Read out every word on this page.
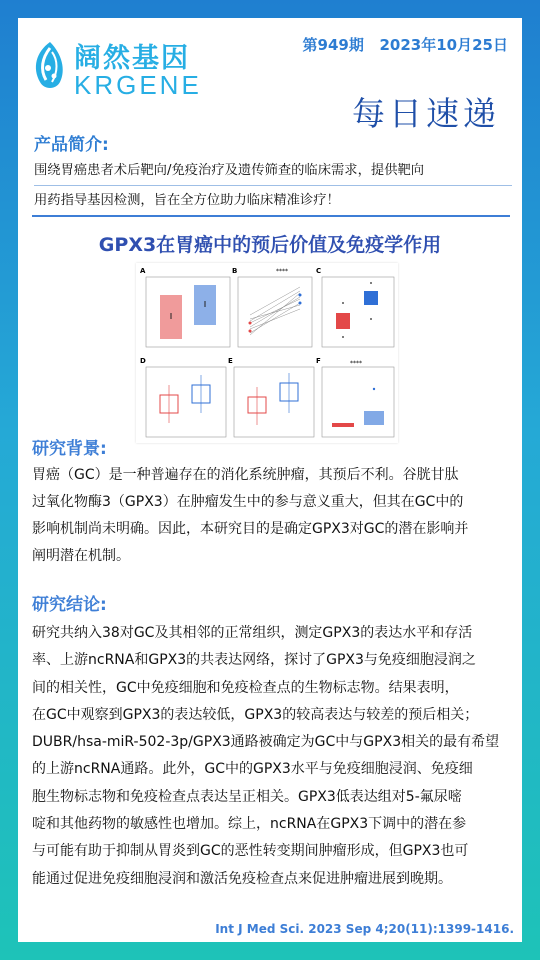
阔然基因
KRGENE
第949期   2023年10月25日
每日速递
产品简介:
围绕胃癌患者术后靶向/免疫治疗及遗传筛查的临床需求，提供靶向
用药指导基因检测，旨在全方位助力临床精准诊疗！
GPX3在胃癌中的预后价值及免疫学作用
A	B	****	C
D	E	F	****
研究背景:
胃癌（GC）是一种普遍存在的消化系统肿瘤，其预后不利。谷胱甘肽
过氧化物酶3（GPX3）在肿瘤发生中的参与意义重大，但其在GC中的
影响机制尚未明确。因此，本研究目的是确定GPX3对GC的潜在影响并
阐明潜在机制。
研究结论:
研究共纳入38对GC及其相邻的正常组织，测定GPX3的表达水平和存活
率、上游ncRNA和GPX3的共表达网络，探讨了GPX3与免疫细胞浸润之
间的相关性，GC中免疫细胞和免疫检查点的生物标志物。结果表明，
在GC中观察到GPX3的表达较低，GPX3的较高表达与较差的预后相关；
DUBR/hsa-miR-502-3p/GPX3通路被确定为GC中与GPX3相关的最有希望
的上游ncRNA通路。此外，GC中的GPX3水平与免疫细胞浸润、免疫细
胞生物标志物和免疫检查点表达呈正相关。GPX3低表达组对5-氟尿嘧
啶和其他药物的敏感性也增加。综上，ncRNA在GPX3下调中的潜在参
与可能有助于抑制从胃炎到GC的恶性转变期间肿瘤形成，但GPX3也可
能通过促进免疫细胞浸润和激活免疫检查点来促进肿瘤进展到晚期。
Int J Med Sci. 2023 Sep 4;20(11):1399-1416.
